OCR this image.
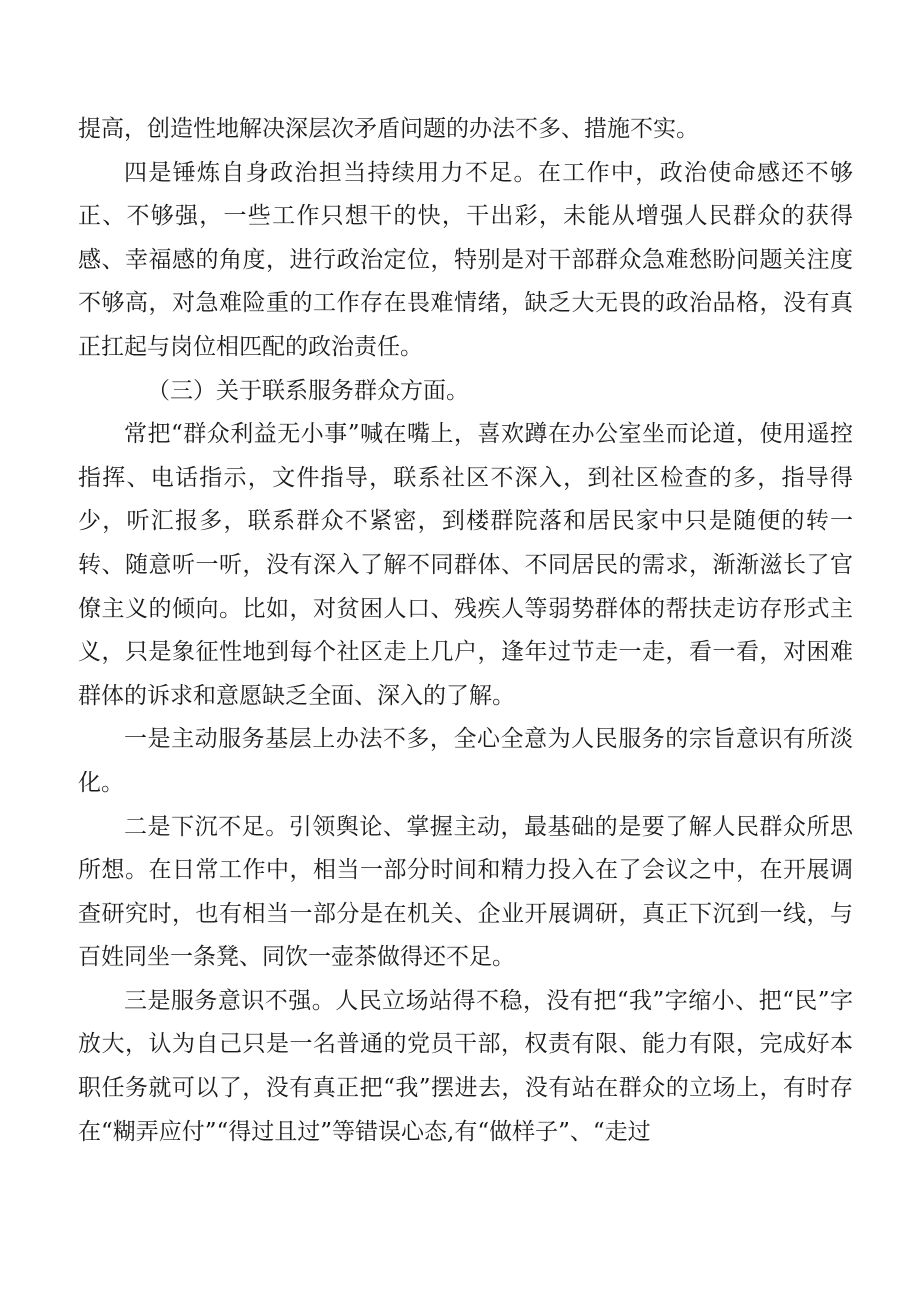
提高，创造性地解决深层次矛盾问题的办法不多、措施不实。

四是锤炼自身政治担当持续用力不足。在工作中，政治使命感还不够正、不够强，一些工作只想干的快，干出彩，未能从增强人民群众的获得感、幸福感的角度，进行政治定位，特别是对干部群众急难愁盼问题关注度不够高，对急难险重的工作存在畏难情绪，缺乏大无畏的政治品格，没有真正扛起与岗位相匹配的政治责任。

（三）关于联系服务群众方面。

常把“群众利益无小事”喊在嘴上，喜欢蹲在办公室坐而论道，使用遥控指挥、电话指示，文件指导，联系社区不深入，到社区检查的多，指导得少，听汇报多，联系群众不紧密，到楼群院落和居民家中只是随便的转一转、随意听一听，没有深入了解不同群体、不同居民的需求，渐渐滋长了官僚主义的倾向。比如，对贫困人口、残疾人等弱势群体的帮扶走访存形式主义，只是象征性地到每个社区走上几户，逢年过节走一走，看一看，对困难群体的诉求和意愿缺乏全面、深入的了解。

一是主动服务基层上办法不多，全心全意为人民服务的宗旨意识有所淡化。

二是下沉不足。引领舆论、掌握主动，最基础的是要了解人民群众所思所想。在日常工作中，相当一部分时间和精力投入在了会议之中，在开展调查研究时，也有相当一部分是在机关、企业开展调研，真正下沉到一线，与百姓同坐一条凳、同饮一壶茶做得还不足。

三是服务意识不强。人民立场站得不稳，没有把“我”字缩小、把“民”字放大，认为自己只是一名普通的党员干部，权责有限、能力有限，完成好本职任务就可以了，没有真正把“我”摆进去，没有站在群众的立场上，有时存在“糊弄应付”“得过且过”等错误心态,有“做样子”、“走过
